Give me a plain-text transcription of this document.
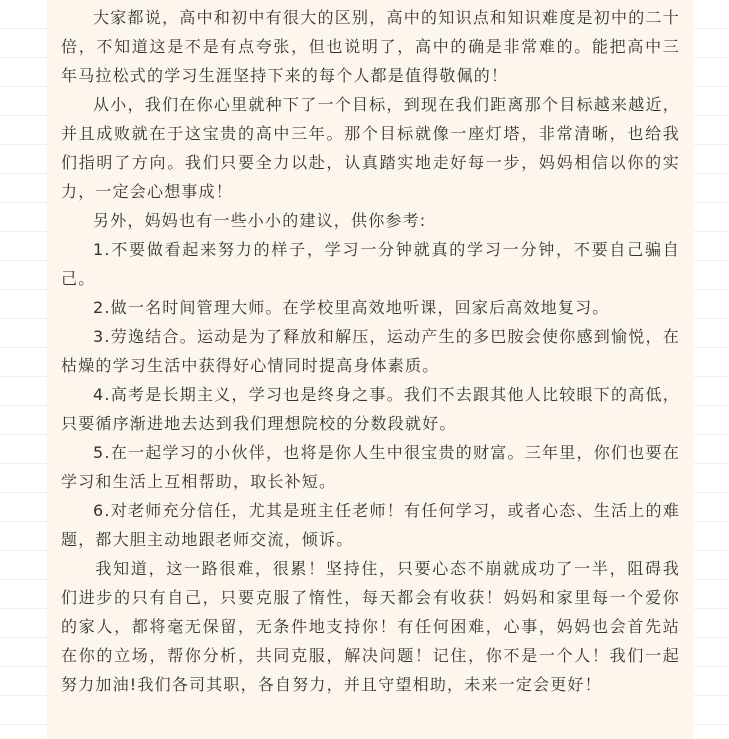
大家都说，高中和初中有很大的区别，高中的知识点和知识难度是初中的二十倍，不知道这是不是有点夸张，但也说明了，高中的确是非常难的。能把高中三年马拉松式的学习生涯坚持下来的每个人都是值得敬佩的！

从小，我们在你心里就种下了一个目标，到现在我们距离那个目标越来越近，并且成败就在于这宝贵的高中三年。那个目标就像一座灯塔，非常清晰，也给我们指明了方向。我们只要全力以赴，认真踏实地走好每一步，妈妈相信以你的实力，一定会心想事成！

另外，妈妈也有一些小小的建议，供你参考:

1.不要做看起来努力的样子，学习一分钟就真的学习一分钟，不要自己骗自己。

2.做一名时间管理大师。在学校里高效地听课，回家后高效地复习。

3.劳逸结合。运动是为了释放和解压，运动产生的多巴胺会使你感到愉悦，在枯燥的学习生活中获得好心情同时提高身体素质。

4.高考是长期主义，学习也是终身之事。我们不去跟其他人比较眼下的高低，只要循序渐进地去达到我们理想院校的分数段就好。

5.在一起学习的小伙伴，也将是你人生中很宝贵的财富。三年里，你们也要在学习和生活上互相帮助，取长补短。

6.对老师充分信任，尤其是班主任老师！有任何学习，或者心态、生活上的难题，都大胆主动地跟老师交流，倾诉。

我知道，这一路很难，很累！坚持住，只要心态不崩就成功了一半，阻碍我们进步的只有自己，只要克服了惰性，每天都会有收获！妈妈和家里每一个爱你的家人，都将毫无保留，无条件地支持你！有任何困难，心事，妈妈也会首先站在你的立场，帮你分析，共同克服，解决问题！记住，你不是一个人！我们一起努力加油!我们各司其职，各自努力，并且守望相助，未来一定会更好！
